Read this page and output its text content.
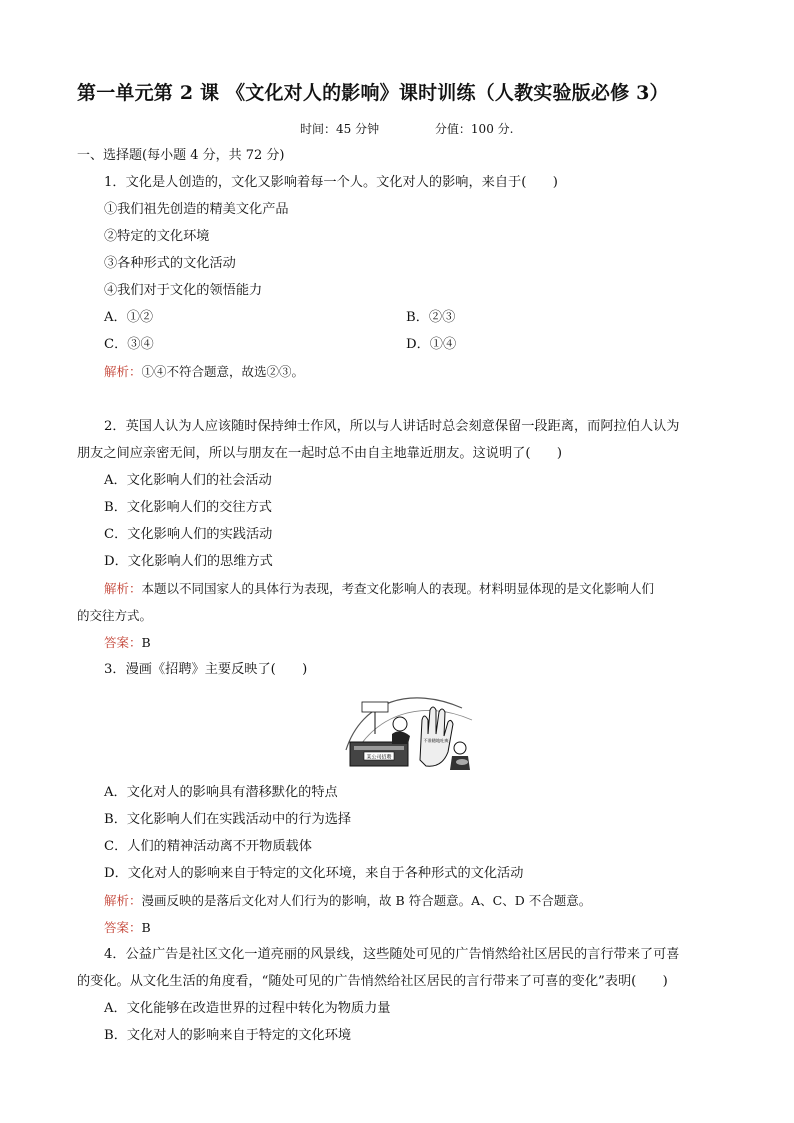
第一单元第 2 课 《文化对人的影响》课时训练（人教实验版必修 3）
时间：45 分钟	分值：100 分.
一、选择题(每小题 4 分，共 72 分)
1．文化是人创造的，文化又影响着每一个人。文化对人的影响，来自于(　　)
①我们祖先创造的精美文化产品
②特定的文化环境
③各种形式的文化活动
④我们对于文化的领悟能力
A．①②	B．②③
C．③④	D．①④
解析：①④不符合题意，故选②③。
2．英国人认为人应该随时保持绅士作风，所以与人讲话时总会刻意保留一段距离，而阿拉伯人认为
朋友之间应亲密无间，所以与朋友在一起时总不由自主地靠近朋友。这说明了(　　)
A．文化影响人们的社会活动
B．文化影响人们的交往方式
C．文化影响人们的实践活动
D．文化影响人们的思维方式
解析：本题以不同国家人的具体行为表现，考查文化影响人的表现。材料明显体现的是文化影响人们
的交往方式。
答案：B
3．漫画《招聘》主要反映了(　　)
某公司招聘
不准随地吐痰
A．文化对人的影响具有潜移默化的特点
B．文化影响人们在实践活动中的行为选择
C．人们的精神活动离不开物质载体
D．文化对人的影响来自于特定的文化环境，来自于各种形式的文化活动
解析：漫画反映的是落后文化对人们行为的影响，故 B 符合题意。A、C、D 不合题意。
答案：B
4．公益广告是社区文化一道亮丽的风景线，这些随处可见的广告悄然给社区居民的言行带来了可喜
的变化。从文化生活的角度看，“随处可见的广告悄然给社区居民的言行带来了可喜的变化”表明(　　)
A．文化能够在改造世界的过程中转化为物质力量
B．文化对人的影响来自于特定的文化环境
